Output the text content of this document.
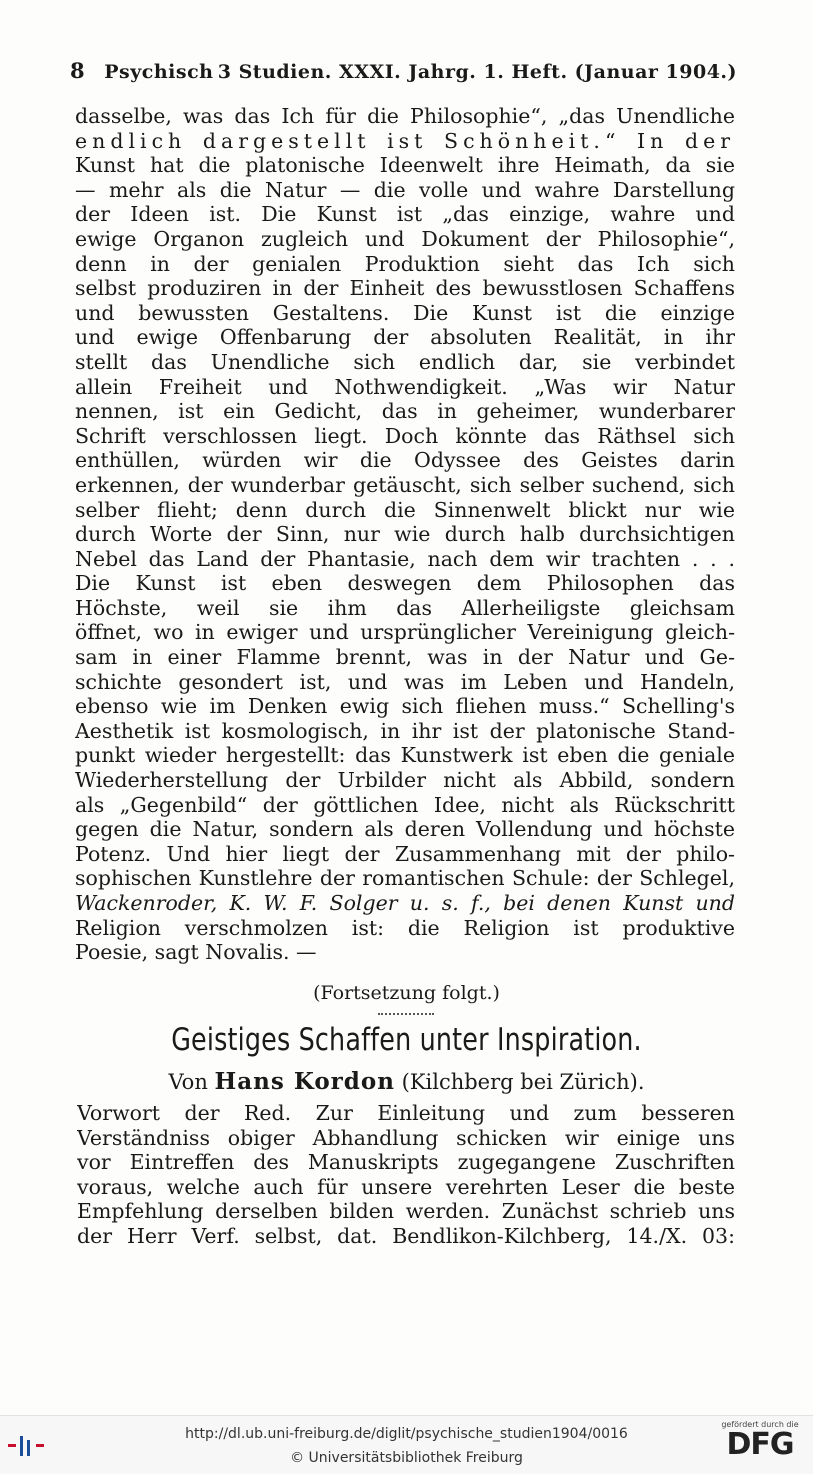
8 Psychisch 3 Studien. XXXI. Jahrg. 1. Heft. (Januar 1904.)
dasselbe, was das Ich für die Philosophie“, „das Unendliche
endlich dargestellt ist Schönheit.“ In der
Kunst hat die platonische Ideenwelt ihre Heimath, da sie
— mehr als die Natur — die volle und wahre Darstellung
der Ideen ist. Die Kunst ist „das einzige, wahre und
ewige Organon zugleich und Dokument der Philosophie“,
denn in der genialen Produktion sieht das Ich sich
selbst produziren in der Einheit des bewusstlosen Schaffens
und bewussten Gestaltens. Die Kunst ist die einzige
und ewige Offenbarung der absoluten Realität, in ihr
stellt das Unendliche sich endlich dar, sie verbindet
allein Freiheit und Nothwendigkeit. „Was wir Natur
nennen, ist ein Gedicht, das in geheimer, wunderbarer
Schrift verschlossen liegt. Doch könnte das Räthsel sich
enthüllen, würden wir die Odyssee des Geistes darin
erkennen, der wunderbar getäuscht, sich selber suchend, sich
selber flieht; denn durch die Sinnenwelt blickt nur wie
durch Worte der Sinn, nur wie durch halb durchsichtigen
Nebel das Land der Phantasie, nach dem wir trachten . . .
Die Kunst ist eben deswegen dem Philosophen das
Höchste, weil sie ihm das Allerheiligste gleichsam
öffnet, wo in ewiger und ursprünglicher Vereinigung gleich-
sam in einer Flamme brennt, was in der Natur und Ge-
schichte gesondert ist, und was im Leben und Handeln,
ebenso wie im Denken ewig sich fliehen muss.“ Schelling's
Aesthetik ist kosmologisch, in ihr ist der platonische Stand-
punkt wieder hergestellt: das Kunstwerk ist eben die geniale
Wiederherstellung der Urbilder nicht als Abbild, sondern
als „Gegenbild“ der göttlichen Idee, nicht als Rückschritt
gegen die Natur, sondern als deren Vollendung und höchste
Potenz. Und hier liegt der Zusammenhang mit der philo-
sophischen Kunstlehre der romantischen Schule: der Schlegel,
Wackenroder, K. W. F. Solger u. s. f., bei denen Kunst und
Religion verschmolzen ist: die Religion ist produktive
Poesie, sagt Novalis. —
(Fortsetzung folgt.)
Geistiges Schaffen unter Inspiration.
Von Hans Kordon (Kilchberg bei Zürich).
Vorwort der Red. Zur Einleitung und zum besseren
Verständniss obiger Abhandlung schicken wir einige uns
vor Eintreffen des Manuskripts zugegangene Zuschriften
voraus, welche auch für unsere verehrten Leser die beste
Empfehlung derselben bilden werden. Zunächst schrieb uns
der Herr Verf. selbst, dat. Bendlikon-Kilchberg, 14./X. 03:
http://dl.ub.uni-freiburg.de/diglit/psychische_studien1904/0016
© Universitätsbibliothek Freiburg
gefördert durch die
DFG
